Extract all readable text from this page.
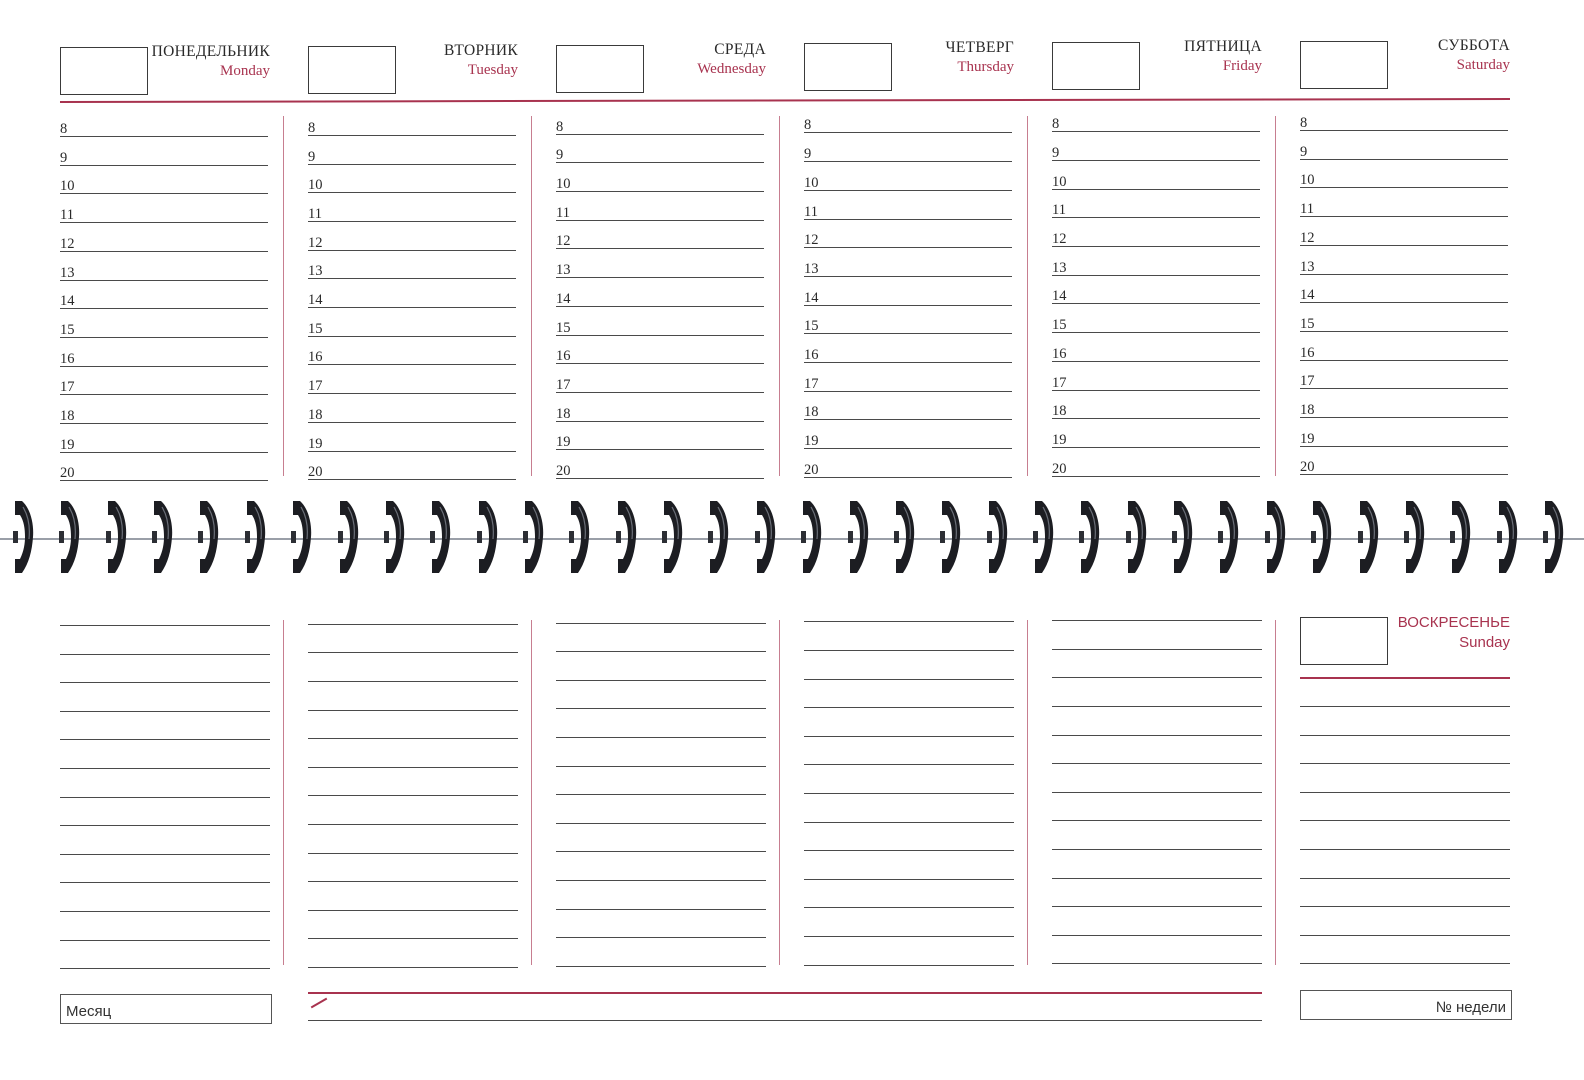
ПОНЕДЕЛЬНИК
Monday
ВТОРНИК
Tuesday
СРЕДА
Wednesday
ЧЕТВЕРГ
Thursday
ПЯТНИЦА
Friday
СУББОТА
Saturday
8
9
10
11
12
13
14
15
16
17
18
19
20
8
9
10
11
12
13
14
15
16
17
18
19
20
8
9
10
11
12
13
14
15
16
17
18
19
20
8
9
10
11
12
13
14
15
16
17
18
19
20
8
9
10
11
12
13
14
15
16
17
18
19
20
8
9
10
11
12
13
14
15
16
17
18
19
20
ВОСКРЕСЕНЬЕ
Sunday
Месяц	№ недели
